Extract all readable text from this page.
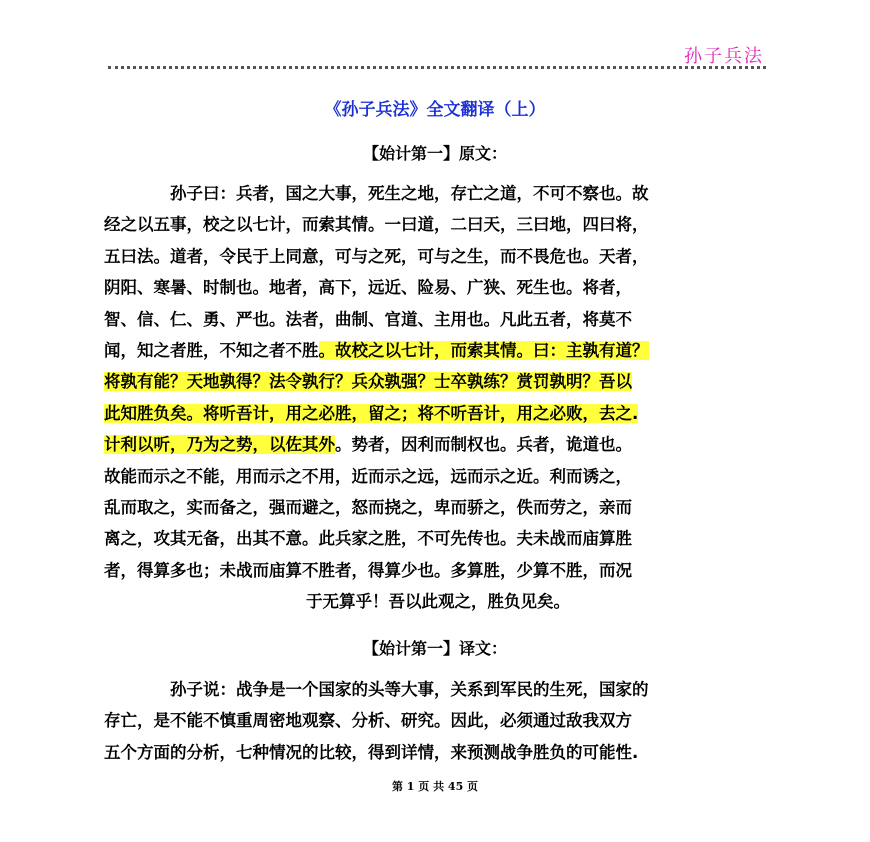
孙子兵法
《孙子兵法》全文翻译（上）
【始计第一】原文：
孙子曰：兵者，国之大事，死生之地，存亡之道，不可不察也。故
经之以五事，校之以七计，而索其情。一曰道，二曰天，三曰地，四曰将，
五曰法。道者，令民于上同意，可与之死，可与之生，而不畏危也。天者，
阴阳、寒暑、时制也。地者，高下，远近、险易、广狭、死生也。将者，
智、信、仁、勇、严也。法者，曲制、官道、主用也。凡此五者，将莫不
闻，知之者胜，不知之者不胜。故校之以七计，而索其情。曰：主孰有道？
将孰有能？天地孰得？法令孰行？兵众孰强？士卒孰练？赏罚孰明？吾以
此知胜负矣。将听吾计，用之必胜，留之；将不听吾计，用之必败，去之.
计利以听，乃为之势，以佐其外。势者，因利而制权也。兵者，诡道也。
故能而示之不能，用而示之不用，近而示之远，远而示之近。利而诱之，
乱而取之，实而备之，强而避之，怒而挠之，卑而骄之，佚而劳之，亲而
离之，攻其无备，出其不意。此兵家之胜，不可先传也。夫未战而庙算胜
者，得算多也；未战而庙算不胜者，得算少也。多算胜，少算不胜，而况
于无算乎！吾以此观之，胜负见矣。
【始计第一】译文：
孙子说：战争是一个国家的头等大事，关系到军民的生死，国家的
存亡，是不能不慎重周密地观察、分析、研究。因此，必须通过敌我双方
五个方面的分析，七种情况的比较，得到详情，来预测战争胜负的可能性.
第 1 页 共 45 页
